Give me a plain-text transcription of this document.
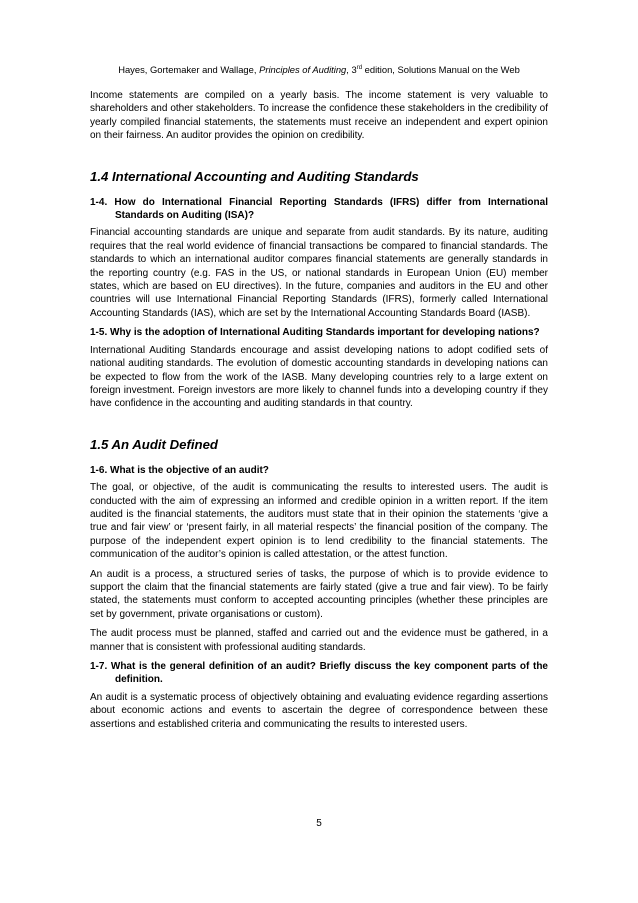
Hayes, Gortemaker and Wallage, Principles of Auditing, 3rd edition, Solutions Manual on the Web

Income statements are compiled on a yearly basis. The income statement is very valuable to shareholders and other stakeholders. To increase the confidence these stakeholders in the credibility of yearly compiled financial statements, the statements must receive an independent and expert opinion on their fairness. An auditor provides the opinion on credibility.

1.4 International Accounting and Auditing Standards

1-4. How do International Financial Reporting Standards (IFRS) differ from International Standards on Auditing (ISA)?

Financial accounting standards are unique and separate from audit standards. By its nature, auditing requires that the real world evidence of financial transactions be compared to financial standards. The standards to which an international auditor compares financial statements are generally standards in the reporting country (e.g. FAS in the US, or national standards in European Union (EU) member states, which are based on EU directives). In the future, companies and auditors in the EU and other countries will use International Financial Reporting Standards (IFRS), formerly called International Accounting Standards (IAS), which are set by the International Accounting Standards Board (IASB).

1-5. Why is the adoption of International Auditing Standards important for developing nations?

International Auditing Standards encourage and assist developing nations to adopt codified sets of national auditing standards. The evolution of domestic accounting standards in developing nations can be expected to flow from the work of the IASB. Many developing countries rely to a large extent on foreign investment. Foreign investors are more likely to channel funds into a developing country if they have confidence in the accounting and auditing standards in that country.

1.5 An Audit Defined

1-6. What is the objective of an audit?

The goal, or objective, of the audit is communicating the results to interested users. The audit is conducted with the aim of expressing an informed and credible opinion in a written report. If the item audited is the financial statements, the auditors must state that in their opinion the statements ‘give a true and fair view’ or ‘present fairly, in all material respects’ the financial position of the company. The purpose of the independent expert opinion is to lend credibility to the financial statements. The communication of the auditor’s opinion is called attestation, or the attest function.

An audit is a process, a structured series of tasks, the purpose of which is to provide evidence to support the claim that the financial statements are fairly stated (give a true and fair view). To be fairly stated, the statements must conform to accepted accounting principles (whether these principles are set by government, private organisations or custom).

The audit process must be planned, staffed and carried out and the evidence must be gathered, in a manner that is consistent with professional auditing standards.

1-7. What is the general definition of an audit? Briefly discuss the key component parts of the definition.

An audit is a systematic process of objectively obtaining and evaluating evidence regarding assertions about economic actions and events to ascertain the degree of correspondence between these assertions and established criteria and communicating the results to interested users.

5
